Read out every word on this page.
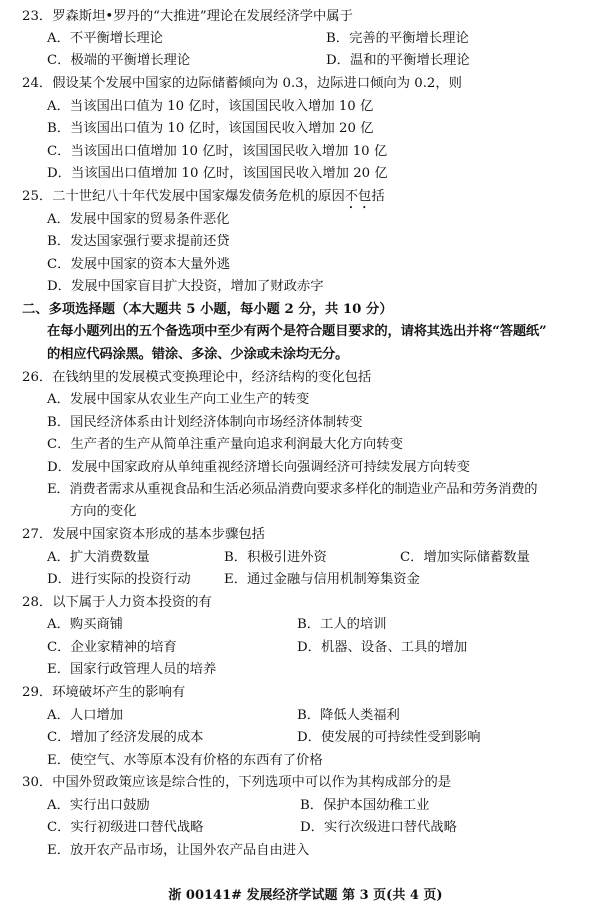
23．罗森斯坦•罗丹的“大推进”理论在发展经济学中属于
A．不平衡增长理论	B．完善的平衡增长理论
C．极端的平衡增长理论	D．温和的平衡增长理论
24．假设某个发展中国家的边际储蓄倾向为 0.3，边际进口倾向为 0.2，则
A．当该国出口值为 10 亿时，该国国民收入增加 10 亿
B．当该国出口值为 10 亿时，该国国民收入增加 20 亿
C．当该国出口值增加 10 亿时，该国国民收入增加 10 亿
D．当该国出口值增加 10 亿时，该国国民收入增加 20 亿
25．二十世纪八十年代发展中国家爆发债务危机的原因不包括
A．发展中国家的贸易条件恶化
B．发达国家强行要求提前还贷
C．发展中国家的资本大量外逃
D．发展中国家盲目扩大投资，增加了财政赤字
二、多项选择题（本大题共 5 小题，每小题 2 分，共 10 分）
在每小题列出的五个备选项中至少有两个是符合题目要求的，请将其选出并将“答题纸”
的相应代码涂黑。错涂、多涂、少涂或未涂均无分。
26．在钱纳里的发展模式变换理论中，经济结构的变化包括
A．发展中国家从农业生产向工业生产的转变
B．国民经济体系由计划经济体制向市场经济体制转变
C．生产者的生产从简单注重产量向追求利润最大化方向转变
D．发展中国家政府从单纯重视经济增长向强调经济可持续发展方向转变
E．消费者需求从重视食品和生活必须品消费向要求多样化的制造业产品和劳务消费的
方向的变化
27．发展中国家资本形成的基本步骤包括
A．扩大消费数量	B．积极引进外资	C．增加实际储蓄数量
D．进行实际的投资行动	E．通过金融与信用机制筹集资金
28．以下属于人力资本投资的有
A．购买商铺	B．工人的培训
C．企业家精神的培育	D．机器、设备、工具的增加
E．国家行政管理人员的培养
29．环境破坏产生的影响有
A．人口增加	B．降低人类福利
C．增加了经济发展的成本	D．使发展的可持续性受到影响
E．使空气、水等原本没有价格的东西有了价格
30．中国外贸政策应该是综合性的，下列选项中可以作为其构成部分的是
A．实行出口鼓励	B．保护本国幼稚工业
C．实行初级进口替代战略	D．实行次级进口替代战略
E．放开农产品市场，让国外农产品自由进入
浙 00141# 发展经济学试题 第 3 页(共 4 页)
